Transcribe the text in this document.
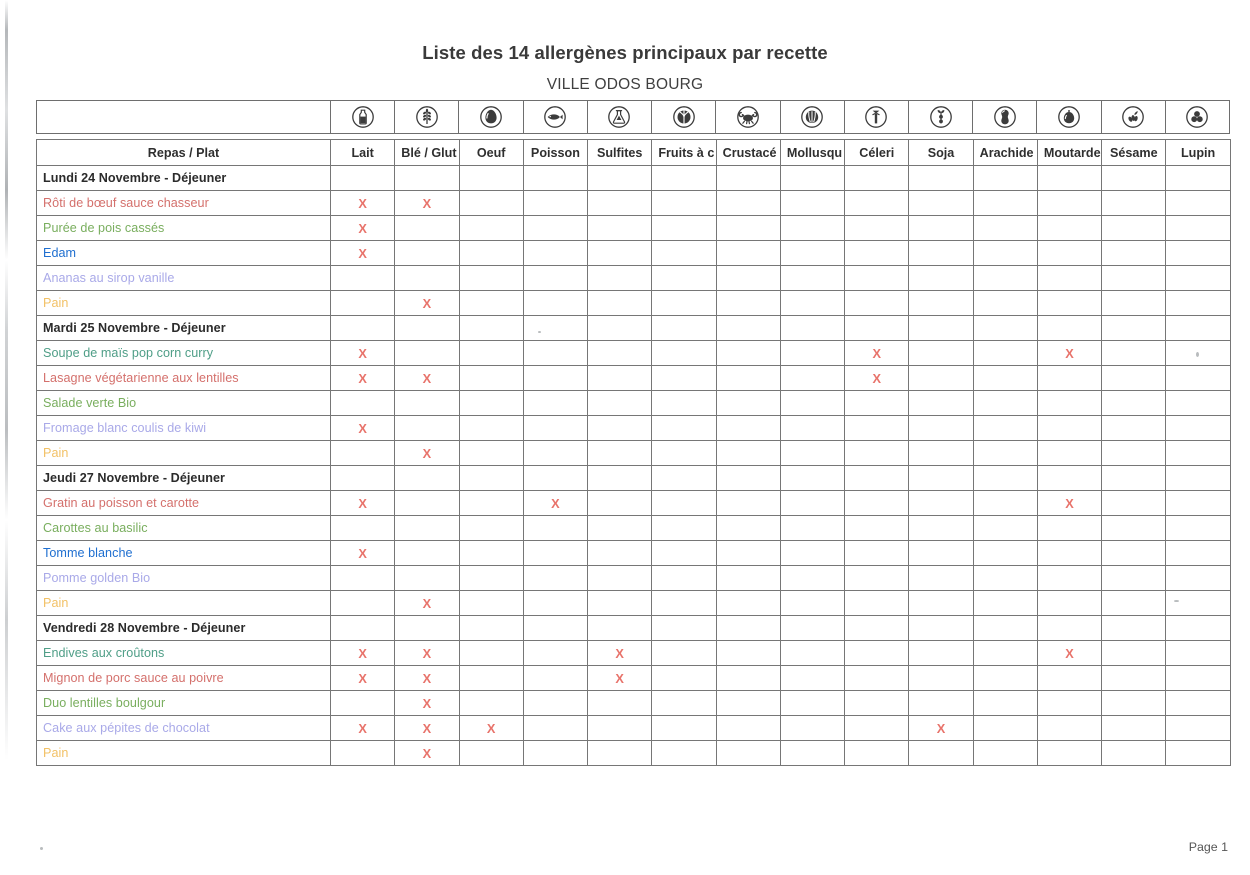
Liste des 14 allergènes principaux par recette
VILLE ODOS BOURG
Repas / Plat	Lait	Blé / Glut	Oeuf	Poisson	Sulfites	Fruits à c	Crustacé	Mollusqu	Céleri	Soja	Arachide	Moutarde	Sésame	Lupin
Lundi 24 Novembre - Déjeuner														
Rôti de bœuf sauce chasseur	X	X												
Purée de pois cassés	X													
Edam	X													
Ananas au sirop vanille														
Pain		X												
Mardi 25 Novembre - Déjeuner														
Soupe de maïs pop corn curry	X								X			X		
Lasagne végétarienne aux lentilles	X	X							X					
Salade verte Bio														
Fromage blanc coulis de kiwi	X													
Pain		X												
Jeudi 27 Novembre - Déjeuner														
Gratin au poisson et carotte	X			X								X		
Carottes au basilic														
Tomme blanche	X													
Pomme golden Bio														
Pain		X												
Vendredi 28 Novembre - Déjeuner														
Endives aux croûtons	X	X			X							X		
Mignon de porc sauce au poivre	X	X			X									
Duo lentilles boulgour		X												
Cake aux pépites de chocolat	X	X	X							X				
Pain		X												
Page 1
